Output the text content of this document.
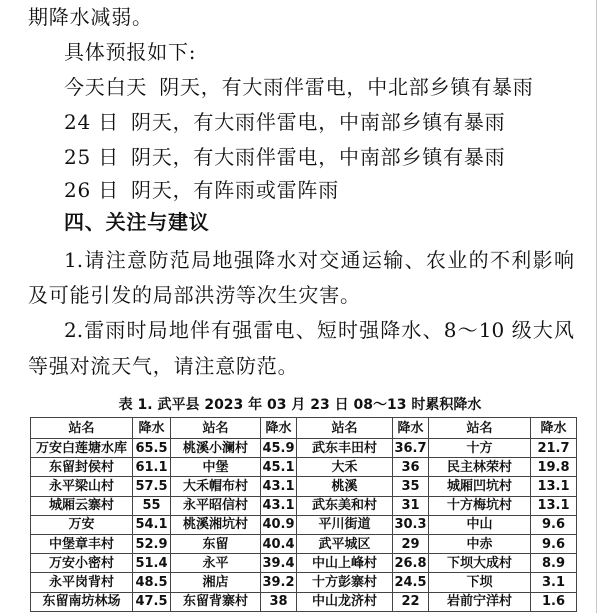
期降水减弱。
具体预报如下:
今天白天 阴天，有大雨伴雷电，中北部乡镇有暴雨
24 日 阴天，有大雨伴雷电，中南部乡镇有暴雨
25 日 阴天，有大雨伴雷电，中南部乡镇有暴雨
26 日 阴天，有阵雨或雷阵雨
四、关注与建议
1.请注意防范局地强降水对交通运输、农业的不利影响
及可能引发的局部洪涝等次生灾害。
2.雷雨时局地伴有强雷电、短时强降水、8～10 级大风
等强对流天气，请注意防范。
表 1. 武平县 2023 年 03 月 23 日 08～13 时累积降水
站名	降水	站名	降水	站名	降水	站名	降水
万安白莲塘水库	65.5	桃溪小澜村	45.9	武东丰田村	36.7	十方	21.7
东留封侯村	61.1	中堡	45.1	大禾	36	民主林荣村	19.8
永平梁山村	57.5	大禾帽布村	43.1	桃溪	35	城厢凹坑村	13.1
城厢云寨村	55	永平昭信村	43.1	武东美和村	31	十方梅坑村	13.1
万安	54.1	桃溪湘坑村	40.9	平川街道	30.3	中山	9.6
中堡章丰村	52.9	东留	40.4	武平城区	29	中赤	9.6
万安小密村	51.4	永平	39.4	中山上峰村	26.8	下坝大成村	8.9
永平岗背村	48.5	湘店	39.2	十方彭寨村	24.5	下坝	3.1
东留南坊林场	47.5	东留背寨村	38	中山龙济村	22	岩前宁洋村	1.6
